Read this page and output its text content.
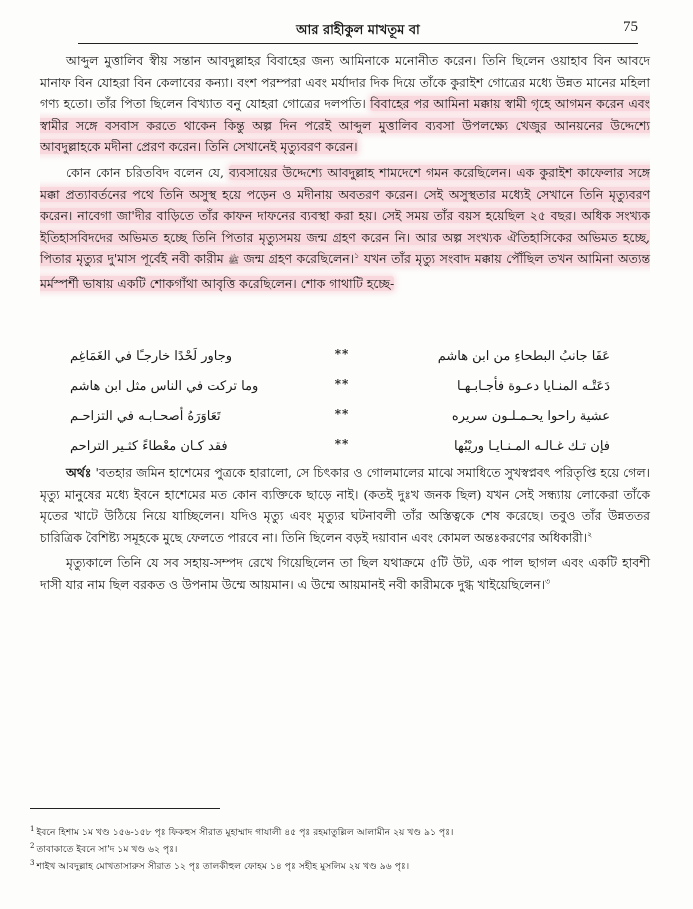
আর রাহীকুল মাখতূম বা	75

আব্দুল মুত্তালিব স্বীয় সন্তান আবদুল্লাহর বিবাহের জন্য আমিনাকে মনোনীত করেন। তিনি ছিলেন ওয়াহাব বিন আবদে মানাফ বিন যোহরা বিন কেলাবের কন্যা। বংশ পরম্পরা এবং মর্যাদার দিক দিয়ে তাঁকে কুরাইশ গোত্রের মধ্যে উন্নত মানের মহিলা গণ্য হতো। তাঁর পিতা ছিলেন বিখ্যাত বনু যোহরা গোত্রের দলপতি। বিবাহের পর আমিনা মক্কায় স্বামী গৃহে আগমন করেন এবং স্বামীর সঙ্গে বসবাস করতে থাকেন কিন্তু অল্প দিন পরেই আব্দুল মুত্তালিব ব্যবসা উপলক্ষ্যে খেজুর আনয়নের উদ্দেশ্যে আবদুল্লাহকে মদীনা প্রেরণ করেন। তিনি সেখানেই মৃত্যুবরণ করেন।

কোন কোন চরিতবিদ বলেন যে, ব্যবসায়ের উদ্দেশ্যে আবদুল্লাহ শামদেশে গমন করেছিলেন। এক কুরাইশ কাফেলার সঙ্গে মক্কা প্রত্যাবর্তনের পথে তিনি অসুস্থ হয়ে পড়েন ও মদীনায় অবতরণ করেন। সেই অসুস্থতার মধ্যেই সেখানে তিনি মৃত্যুবরণ করেন। নাবেগা জা'দীর বাড়িতে তাঁর কাফন দাফনের ব্যবস্থা করা হয়। সেই সময় তাঁর বয়স হয়েছিল ২৫ বছর। অধিক সংখ্যক ইতিহাসবিদদের অভিমত হচ্ছে তিনি পিতার মৃত্যুসময় জন্ম গ্রহণ করেন নি। আর অল্প সংখ্যক ঐতিহাসিকের অভিমত হচ্ছে, পিতার মৃত্যুর দু'মাস পূর্বেই নবী কারীম ﷺ জন্ম গ্রহণ করেছিলেন।$^১$ যখন তাঁর মৃত্যু সংবাদ মক্কায় পৌঁছিল তখন আমিনা অত্যন্ত মর্মস্পর্শী ভাষায় একটি শোকগাঁথা আবৃত্তি করেছিলেন। শোক গাথাটি হচ্ছে-

عَفَا جانبُ البطحاءِ من ابن هاشم
**
وجاور لَحْدًا خارجـًا في الغَمَاغِم
دَعَتْـه المنـايا دعـوة فأجـابـهـا
**
وما تركت في الناس مثل ابن هاشم
عشية راحوا يحـمـلـون سريره
**
تَعَاوَرَهُ أصحـابـه في التزاحـم
فإن تـك غـالـه المـنـايـا وريْبُها
**
فقد كـان معْطاءً كثـير التراحم

অর্থঃ 'বতহার জমিন হাশেমের পুত্রকে হারালো, সে চিৎকার ও গোলমালের মাঝে সমাধিতে সুখস্বপ্নবৎ পরিতৃপ্তি হয়ে গেল। মৃত্যু মানুষের মধ্যে ইবনে হাশেমের মত কোন ব্যক্তিকে ছাড়ে নাই। (কতই দুঃখ জনক ছিল) যখন সেই সন্ধ্যায় লোকেরা তাঁকে মৃতের খাটে উঠিয়ে নিয়ে যাচ্ছিলেন। যদিও মৃত্যু এবং মৃত্যুর ঘটনাবলী তাঁর অস্তিত্বকে শেষ করেছে। তবুও তাঁর উন্নততর চারিত্রিক বৈশিষ্ট্য সমূহকে মুছে ফেলতে পারবে না। তিনি ছিলেন বড়ই দয়াবান এবং কোমল অন্তঃকরণের অধিকারী।$^২$

মৃত্যুকালে তিনি যে সব সহায়-সম্পদ রেখে গিয়েছিলেন তা ছিল যথাক্রমে ৫টি উট, এক পাল ছাগল এবং একটি হাবশী দাসী যার নাম ছিল বরকত ও উপনাম উম্মে আয়মান। এ উম্মে আয়মানই নবী কারীমকে দুগ্ধ খাইয়েছিলেন।$^৩$

$^1$ ইবনে হিশাম ১ম খণ্ড ১৫৬-১৫৮ পৃঃ ফিকহুস সীরাত মুহাম্মাদ গাযালী ৪৫ পৃঃ রহমাতুল্লিল আলামীন ২য় খণ্ড ৯১ পৃঃ।
$^2$ তাবাকাতে ইবনে সা'দ ১ম খণ্ড ৬২ পৃঃ।
$^3$ শাইখ আবদুল্লাহ মোখতাসারুস সীরাত ১২ পৃঃ তালকীহুল ফোহম ১৪ পৃঃ সহীহ মুসলিম ২য় খণ্ড ৯৬ পৃঃ।
